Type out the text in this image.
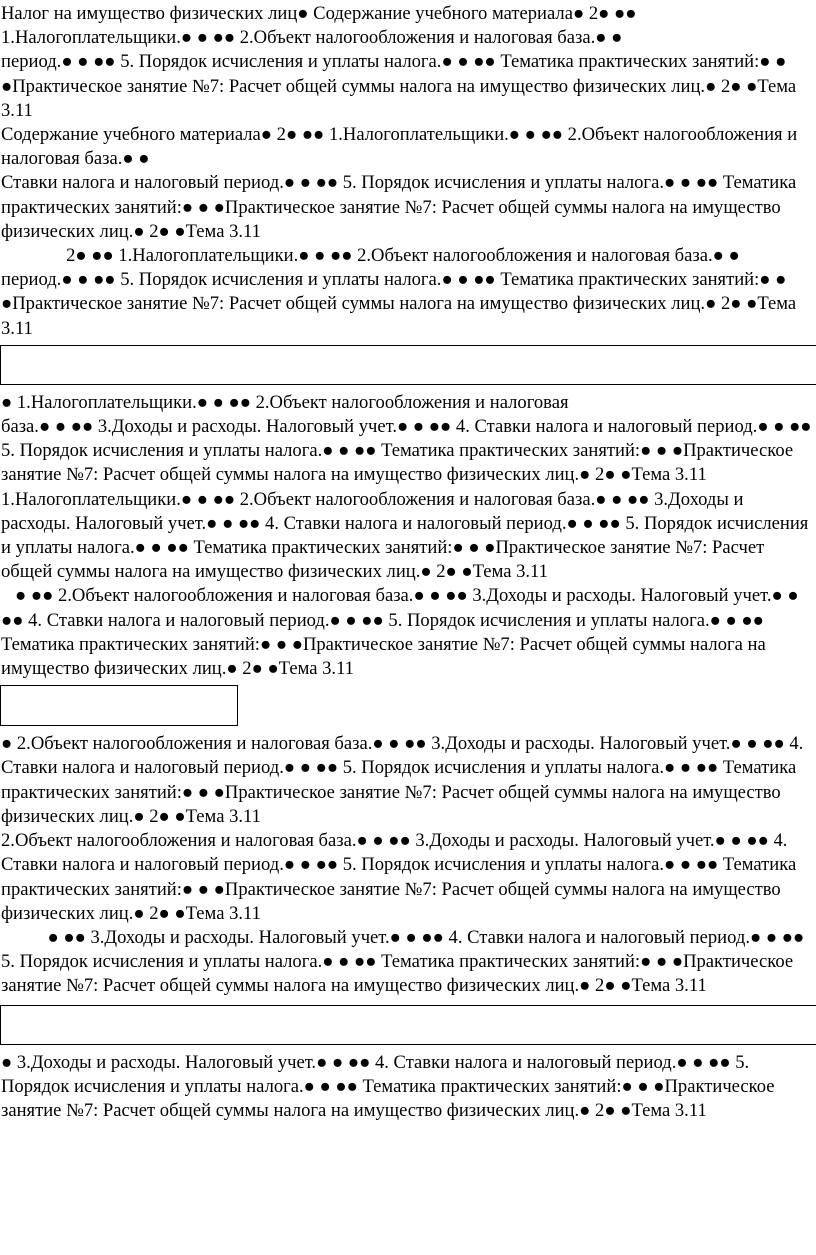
Налог на имущество физических лиц● Содержание учебного материала● 2● ●● 1.Налогоплательщики.● ● ●● 2.Объект налогообложения и налоговая база.● ●
период.● ● ●● 5. Порядок исчисления и уплаты налога.● ● ●● Тематика практических занятий:● ● ●Практическое занятие №7: Расчет общей суммы налога на имущество физических лиц.● 2● ●Тема 3.11

Содержание учебного материала● 2● ●● 1.Налогоплательщики.● ● ●● 2.Объект налогообложения и налоговая база.● ●
Ставки налога и налоговый период.● ● ●● 5. Порядок исчисления и уплаты налога.● ● ●● Тематика практических занятий:● ● ●Практическое занятие №7: Расчет общей суммы налога на имущество физических лиц.● 2● ●Тема 3.11

2● ●● 1.Налогоплательщики.● ● ●● 2.Объект налогообложения и налоговая база.● ●
период.● ● ●● 5. Порядок исчисления и уплаты налога.● ● ●● Тематика практических занятий:● ● ●Практическое занятие №7: Расчет общей суммы налога на имущество физических лиц.● 2● ●Тема 3.11

● 1.Налогоплательщики.● ● ●● 2.Объект налогообложения и налоговая
база.● ● ●● 3.Доходы и расходы. Налоговый учет.● ● ●● 4. Ставки налога и налоговый период.● ● ●● 5. Порядок исчисления и уплаты налога.● ● ●● Тематика практических занятий:● ● ●Практическое занятие №7: Расчет общей суммы налога на имущество физических лиц.● 2● ●Тема 3.11

1.Налогоплательщики.● ● ●● 2.Объект налогообложения и налоговая база.● ● ●● 3.Доходы и расходы. Налоговый учет.● ● ●● 4. Ставки налога и налоговый период.● ● ●● 5. Порядок исчисления и уплаты налога.● ● ●● Тематика практических занятий:● ● ●Практическое занятие №7: Расчет общей суммы налога на имущество физических лиц.● 2● ●Тема 3.11

● ●● 2.Объект налогообложения и налоговая база.● ● ●● 3.Доходы и расходы. Налоговый учет.● ● ●● 4. Ставки налога и налоговый период.● ● ●● 5. Порядок исчисления и уплаты налога.● ● ●● Тематика практических занятий:● ● ●Практическое занятие №7: Расчет общей суммы налога на имущество физических лиц.● 2● ●Тема 3.11

● 2.Объект налогообложения и налоговая база.● ● ●● 3.Доходы и расходы. Налоговый учет.● ● ●● 4. Ставки налога и налоговый период.● ● ●● 5. Порядок исчисления и уплаты налога.● ● ●● Тематика практических занятий:● ● ●Практическое занятие №7: Расчет общей суммы налога на имущество физических лиц.● 2● ●Тема 3.11

2.Объект налогообложения и налоговая база.● ● ●● 3.Доходы и расходы. Налоговый учет.● ● ●● 4. Ставки налога и налоговый период.● ● ●● 5. Порядок исчисления и уплаты налога.● ● ●● Тематика практических занятий:● ● ●Практическое занятие №7: Расчет общей суммы налога на имущество физических лиц.● 2● ●Тема 3.11

● ●● 3.Доходы и расходы. Налоговый учет.● ● ●● 4. Ставки налога и налоговый период.● ● ●● 5. Порядок исчисления и уплаты налога.● ● ●● Тематика практических занятий:● ● ●Практическое занятие №7: Расчет общей суммы налога на имущество физических лиц.● 2● ●Тема 3.11

● 3.Доходы и расходы. Налоговый учет.● ● ●● 4. Ставки налога и налоговый период.● ● ●● 5. Порядок исчисления и уплаты налога.● ● ●● Тематика практических занятий:● ● ●Практическое занятие №7: Расчет общей суммы налога на имущество физических лиц.● 2● ●Тема 3.11
